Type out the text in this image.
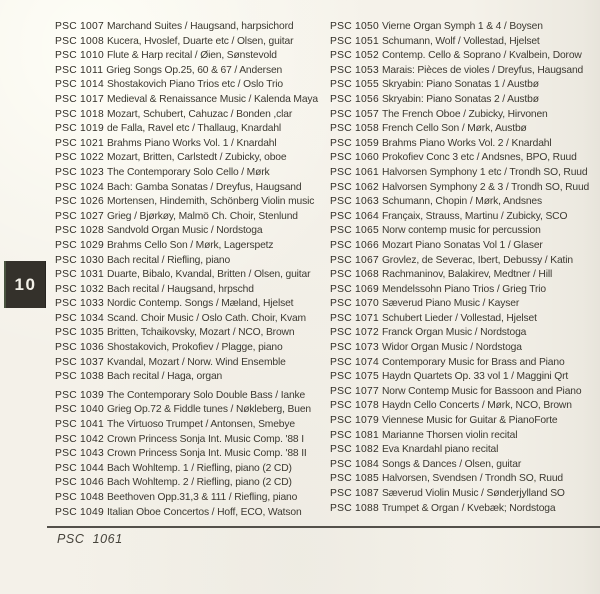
10
PSC 1007 Marchand Suites / Haugsand, harpsichord
PSC 1008 Kucera, Hvoslef, Duarte etc / Olsen, guitar
PSC 1010 Flute & Harp recital / Øien, Sønstevold
PSC 1011 Grieg Songs Op.25, 60 & 67 / Andersen
PSC 1014 Shostakovich Piano Trios etc / Oslo Trio
PSC 1017 Medieval & Renaissance Music / Kalenda Maya
PSC 1018 Mozart, Schubert, Cahuzac / Bonden ,clar
PSC 1019 de Falla, Ravel etc / Thallaug, Knardahl
PSC 1021 Brahms Piano Works Vol. 1 / Knardahl
PSC 1022 Mozart, Britten, Carlstedt / Zubicky, oboe
PSC 1023 The Contemporary Solo Cello / Mørk
PSC 1024 Bach: Gamba Sonatas / Dreyfus, Haugsand
PSC 1026 Mortensen, Hindemith, Schönberg Violin music
PSC 1027 Grieg / Bjørkøy, Malmö Ch. Choir, Stenlund
PSC 1028 Sandvold Organ Music / Nordstoga
PSC 1029 Brahms Cello Son / Mørk, Lagerspetz
PSC 1030 Bach recital / Riefling, piano
PSC 1031 Duarte, Bibalo, Kvandal, Britten / Olsen, guitar
PSC 1032 Bach recital / Haugsand, hrpschd
PSC 1033 Nordic Contemp. Songs / Mæland, Hjelset
PSC 1034 Scand. Choir Music / Oslo Cath. Choir, Kvam
PSC 1035 Britten, Tchaikovsky, Mozart / NCO, Brown
PSC 1036 Shostakovich, Prokofiev / Plagge, piano
PSC 1037 Kvandal, Mozart / Norw. Wind Ensemble
PSC 1038 Bach recital / Haga, organ
PSC 1039 The Contemporary Solo Double Bass / Ianke
PSC 1040 Grieg Op.72 & Fiddle tunes / Nøkleberg, Buen
PSC 1041 The Virtuoso Trumpet / Antonsen, Smebye
PSC 1042 Crown Princess Sonja Int. Music Comp. '88 I
PSC 1043 Crown Princess Sonja Int. Music Comp. '88 II
PSC 1044 Bach Wohltemp. 1 / Riefling, piano (2 CD)
PSC 1046 Bach Wohltemp. 2 / Riefling, piano (2 CD)
PSC 1048 Beethoven Opp.31,3 & 111 / Riefling, piano
PSC 1049 Italian Oboe Concertos / Hoff, ECO, Watson
PSC 1050 Vierne Organ Symph 1 & 4 / Boysen
PSC 1051 Schumann, Wolf / Vollestad, Hjelset
PSC 1052 Contemp. Cello & Soprano / Kvalbein, Dorow
PSC 1053 Marais: Pièces de violes / Dreyfus, Haugsand
PSC 1055 Skryabin: Piano Sonatas 1 / Austbø
PSC 1056 Skryabin: Piano Sonatas 2 / Austbø
PSC 1057 The French Oboe / Zubicky, Hirvonen
PSC 1058 French Cello Son / Mørk, Austbø
PSC 1059 Brahms Piano Works Vol. 2 / Knardahl
PSC 1060 Prokofiev Conc 3 etc / Andsnes, BPO, Ruud
PSC 1061 Halvorsen Symphony 1 etc / Trondh SO, Ruud
PSC 1062 Halvorsen Symphony 2 & 3 / Trondh SO, Ruud
PSC 1063 Schumann, Chopin / Mørk, Andsnes
PSC 1064 Françaix, Strauss, Martinu / Zubicky, SCO
PSC 1065 Norw contemp music for percussion
PSC 1066 Mozart Piano Sonatas Vol 1 / Glaser
PSC 1067 Grovlez, de Severac, Ibert, Debussy / Katin
PSC 1068 Rachmaninov, Balakirev, Medtner / Hill
PSC 1069 Mendelssohn Piano Trios / Grieg Trio
PSC 1070 Sæverud Piano Music / Kayser
PSC 1071 Schubert Lieder / Vollestad, Hjelset
PSC 1072 Franck Organ Music / Nordstoga
PSC 1073 Widor Organ Music / Nordstoga
PSC 1074 Contemporary Music for Brass and Piano
PSC 1075 Haydn Quartets Op. 33 vol 1 / Maggini Qrt
PSC 1077 Norw Contemp Music for Bassoon and Piano
PSC 1078 Haydn Cello Concerts / Mørk, NCO, Brown
PSC 1079 Viennese Music for Guitar & PianoForte
PSC 1081 Marianne Thorsen violin recital
PSC 1082 Eva Knardahl piano recital
PSC 1084 Songs & Dances / Olsen, guitar
PSC 1085 Halvorsen, Svendsen / Trondh SO, Ruud
PSC 1087 Sæverud Violin Music / Sønderjylland SO
PSC 1088 Trumpet & Organ / Kvebæk; Nordstoga
PSC 1061
